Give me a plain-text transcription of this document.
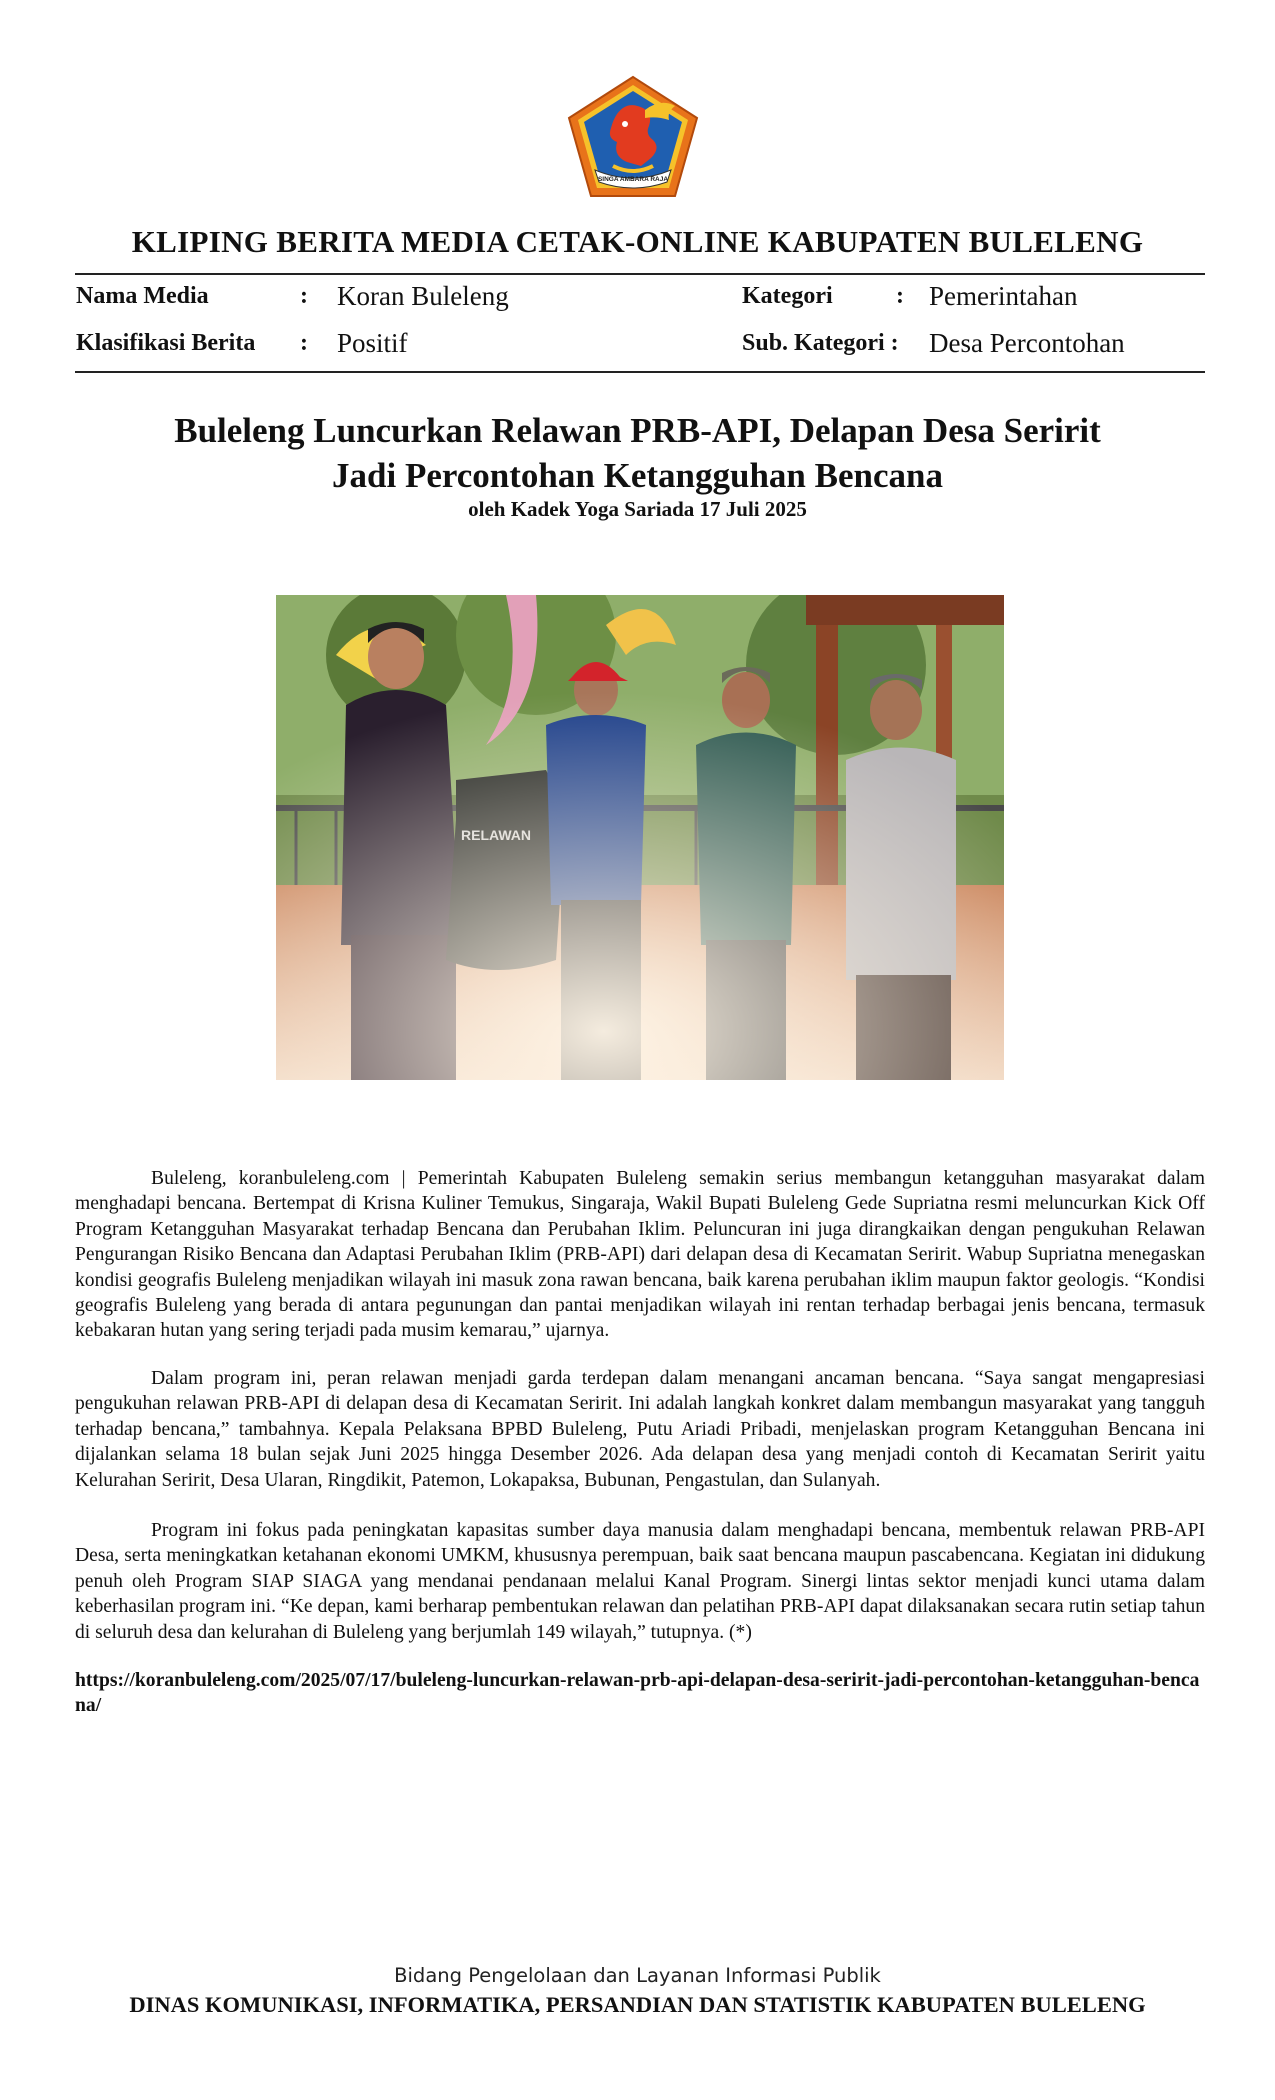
SINGA AMBARA RAJA
KLIPING BERITA MEDIA CETAK-ONLINE KABUPATEN BULELENG
Nama Media	: Koran Buleleng
Klasifikasi Berita : Positif
Kategori	: Pemerintahan
Sub. Kategori : Desa Percontohan
Buleleng Luncurkan Relawan PRB-API, Delapan Desa Seririt
Jadi Percontohan Ketangguhan Bencana
oleh Kadek Yoga Sariada 17 Juli 2025

Buleleng, koranbuleleng.com | Pemerintah Kabupaten Buleleng semakin serius membangun ketangguhan masyarakat dalam menghadapi bencana. Bertempat di Krisna Kuliner Temukus, Singaraja, Wakil Bupati Buleleng Gede Supriatna resmi meluncurkan Kick Off Program Ketangguhan Masyarakat terhadap Bencana dan Perubahan Iklim. Peluncuran ini juga dirangkaikan dengan pengukuhan Relawan Pengurangan Risiko Bencana dan Adaptasi Perubahan Iklim (PRB-API) dari delapan desa di Kecamatan Seririt. Wabup Supriatna menegaskan kondisi geografis Buleleng menjadikan wilayah ini masuk zona rawan bencana, baik karena perubahan iklim maupun faktor geologis. “Kondisi geografis Buleleng yang berada di antara pegunungan dan pantai menjadikan wilayah ini rentan terhadap berbagai jenis bencana, termasuk kebakaran hutan yang sering terjadi pada musim kemarau,” ujarnya.

Dalam program ini, peran relawan menjadi garda terdepan dalam menangani ancaman bencana. “Saya sangat mengapresiasi pengukuhan relawan PRB-API di delapan desa di Kecamatan Seririt. Ini adalah langkah konkret dalam membangun masyarakat yang tangguh terhadap bencana,” tambahnya. Kepala Pelaksana BPBD Buleleng, Putu Ariadi Pribadi, menjelaskan program Ketangguhan Bencana ini dijalankan selama 18 bulan sejak Juni 2025 hingga Desember 2026. Ada delapan desa yang menjadi contoh di Kecamatan Seririt yaitu Kelurahan Seririt, Desa Ularan, Ringdikit, Patemon, Lokapaksa, Bubunan, Pengastulan, dan Sulanyah.

Program ini fokus pada peningkatan kapasitas sumber daya manusia dalam menghadapi bencana, membentuk relawan PRB-API Desa, serta meningkatkan ketahanan ekonomi UMKM, khususnya perempuan, baik saat bencana maupun pascabencana. Kegiatan ini didukung penuh oleh Program SIAP SIAGA yang mendanai pendanaan melalui Kanal Program. Sinergi lintas sektor menjadi kunci utama dalam keberhasilan program ini. “Ke depan, kami berharap pembentukan relawan dan pelatihan PRB-API dapat dilaksanakan secara rutin setiap tahun di seluruh desa dan kelurahan di Buleleng yang berjumlah 149 wilayah,” tutupnya. (*)

https://koranbuleleng.com/2025/07/17/buleleng-luncurkan-relawan-prb-api-delapan-desa-seririt-jadi-percontohan-ketangguhan-bencana/
Bidang Pengelolaan dan Layanan Informasi Publik
DINAS KOMUNIKASI, INFORMATIKA, PERSANDIAN DAN STATISTIK KABUPATEN BULELENG
